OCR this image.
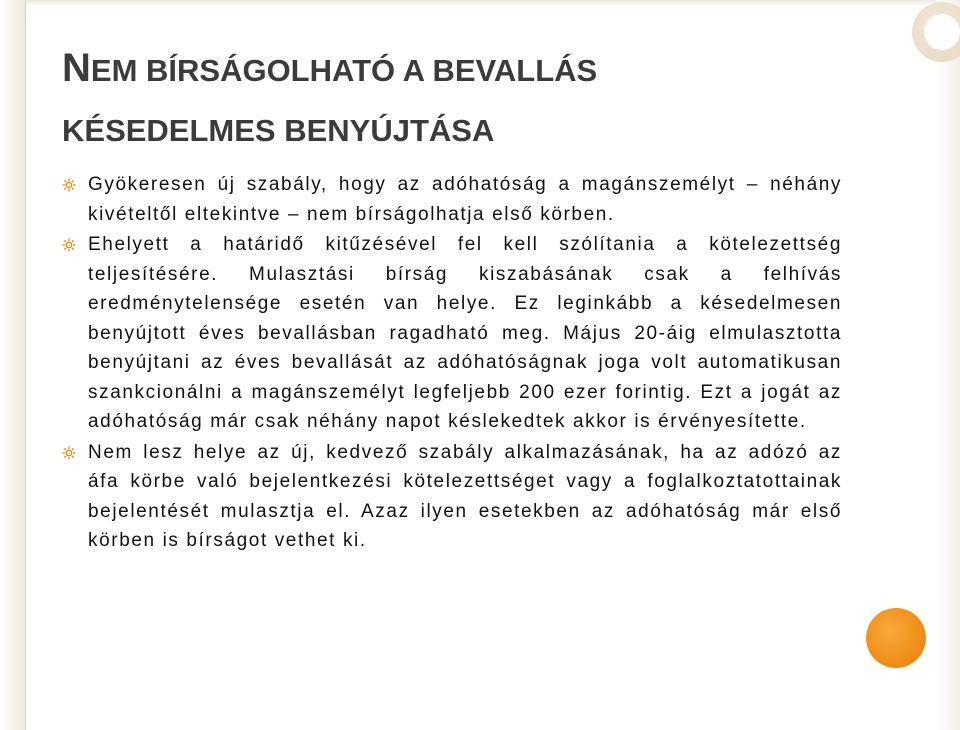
NEM BÍRSÁGOLHATÓ A BEVALLÁS
KÉSEDELMES BENYÚJTÁSA

Gyökeresen új szabály, hogy az adóhatóság a magánszemélyt – néhány kivételtől eltekintve – nem bírságolhatja első körben.

Ehelyett a határidő kitűzésével fel kell szólítania a kötelezettség teljesítésére. Mulasztási bírság kiszabásának csak a felhívás eredménytelensége esetén van helye. Ez leginkább a késedelmesen benyújtott éves bevallásban ragadható meg. Május 20-áig elmulasztotta benyújtani az éves bevallását az adóhatóságnak joga volt automatikusan szankcionálni a magánszemélyt legfeljebb 200 ezer forintig. Ezt a jogát az adóhatóság már csak néhány napot késlekedtek akkor is érvényesítette.

Nem lesz helye az új, kedvező szabály alkalmazásának, ha az adózó az áfa körbe való bejelentkezési kötelezettséget vagy a foglalkoztatottainak bejelentését mulasztja el. Azaz ilyen esetekben az adóhatóság már első körben is bírságot vethet ki.
